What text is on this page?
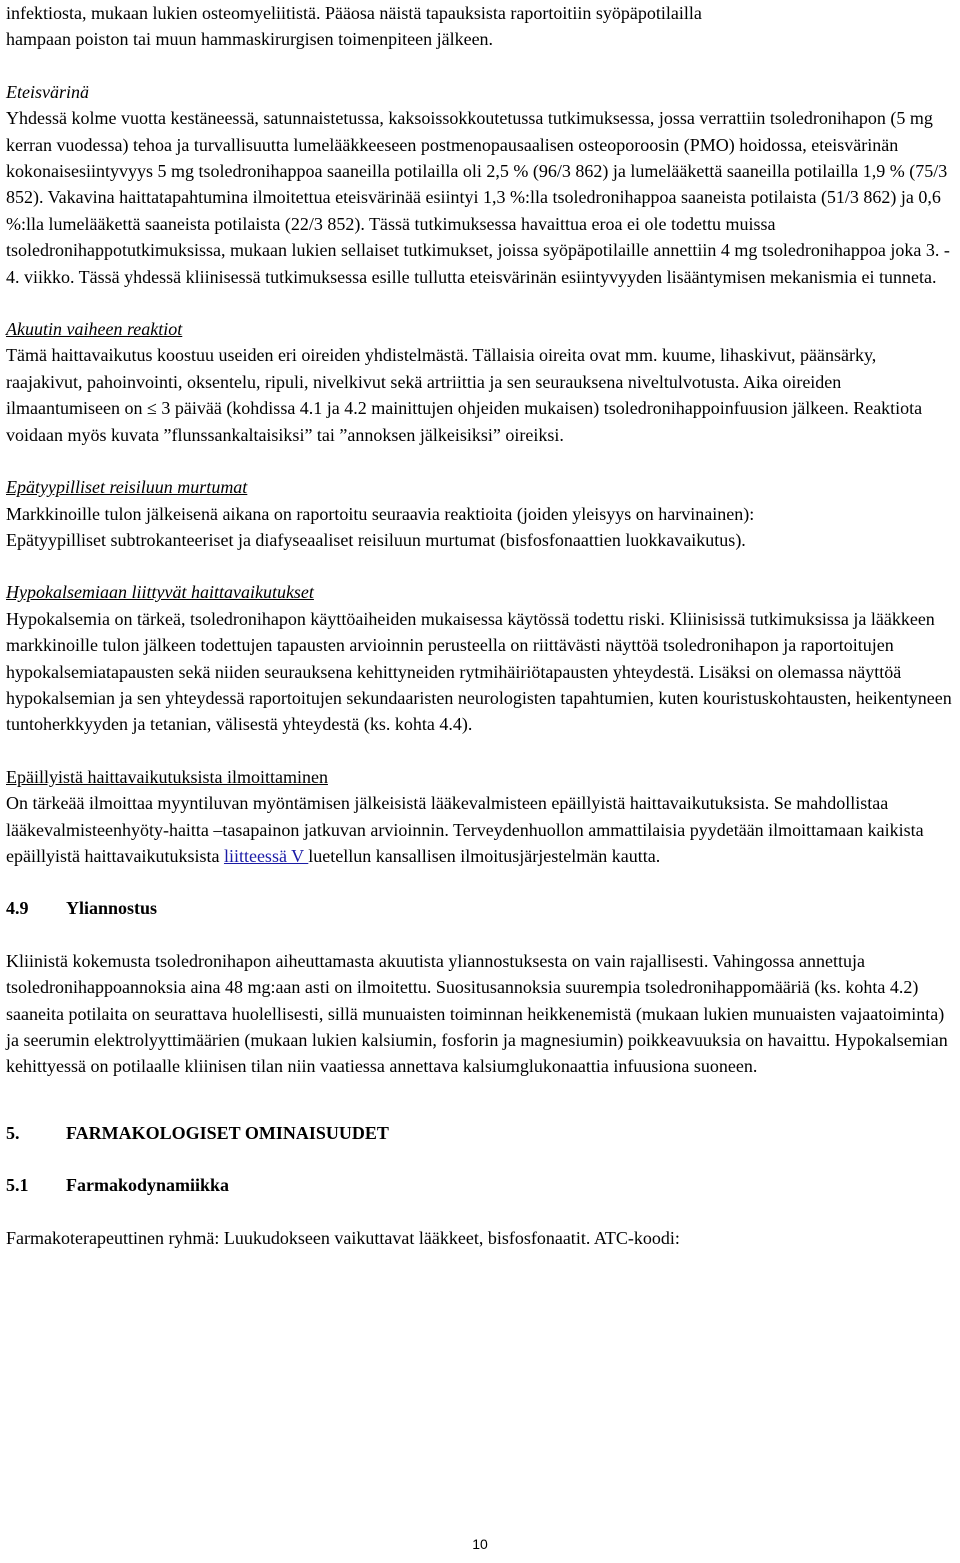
infektiosta, mukaan lukien osteomyeliitistä. Pääosa näistä tapauksista raportoitiin syöpäpotilailla

hampaan poiston tai muun hammaskirurgisen toimenpiteen jälkeen.

Eteisvärinä

Yhdessä kolme vuotta kestäneessä, satunnaistetussa, kaksoissokkoutetussa tutkimuksessa, jossa verrattiin tsoledronihapon (5 mg kerran vuodessa) tehoa ja turvallisuutta lumelääkkeeseen postmenopausaalisen osteoporoosin (PMO) hoidossa, eteisvärinän kokonaisesiintyvyys 5 mg tsoledronihappoa saaneilla potilailla oli 2,5 % (96/3 862) ja lumelääkettä saaneilla potilailla 1,9 % (75/3 852). Vakavina haittatapahtumina ilmoitettua eteisvärinää esiintyi 1,3 %:lla tsoledronihappoa saaneista potilaista (51/3 862) ja 0,6 %:lla lumelääkettä saaneista potilaista (22/3 852). Tässä tutkimuksessa havaittua eroa ei ole todettu muissa tsoledronihappotutkimuksissa, mukaan lukien sellaiset tutkimukset, joissa syöpäpotilaille annettiin 4 mg tsoledronihappoa joka 3. - 4. viikko. Tässä yhdessä kliinisessä tutkimuksessa esille tullutta eteisvärinän esiintyvyyden lisääntymisen mekanismia ei tunneta.

Akuutin vaiheen reaktiot

Tämä haittavaikutus koostuu useiden eri oireiden yhdistelmästä. Tällaisia oireita ovat mm. kuume, lihaskivut, päänsärky, raajakivut, pahoinvointi, oksentelu, ripuli, nivelkivut sekä artriittia ja sen seurauksena niveltulvotusta. Aika oireiden ilmaantumiseen on ≤ 3 päivää (kohdissa 4.1 ja 4.2 mainittujen ohjeiden mukaisen) tsoledronihappoinfuusion jälkeen. Reaktiota voidaan myös kuvata ”flunssankaltaisiksi” tai ”annoksen jälkeisiksi” oireiksi.

Epätyypilliset reisiluun murtumat

Markkinoille tulon jälkeisenä aikana on raportoitu seuraavia reaktioita (joiden yleisyys on harvinainen):

Epätyypilliset subtrokanteeriset ja diafyseaaliset reisiluun murtumat (bisfosfonaattien luokkavaikutus).

Hypokalsemiaan liittyvät haittavaikutukset

Hypokalsemia on tärkeä, tsoledronihapon käyttöaiheiden mukaisessa käytössä todettu riski. Kliinisissä tutkimuksissa ja lääkkeen markkinoille tulon jälkeen todettujen tapausten arvioinnin perusteella on riittävästi näyttöä tsoledronihapon ja raportoitujen hypokalsemiatapausten sekä niiden seurauksena kehittyneiden rytmihäiriötapausten yhteydestä. Lisäksi on olemassa näyttöä hypokalsemian ja sen yhteydessä raportoitujen sekundaaristen neurologisten tapahtumien, kuten kouristuskohtausten, heikentyneen tuntoherkkyyden ja tetanian, välisestä yhteydestä (ks. kohta 4.4).

Epäillyistä haittavaikutuksista ilmoittaminen

On tärkeää ilmoittaa myyntiluvan myöntämisen jälkeisistä lääkevalmisteen epäillyistä haittavaikutuksista. Se mahdollistaa lääkevalmisteenhyöty-haitta –tasapainon jatkuvan arvioinnin. Terveydenhuollon ammattilaisia pyydetään ilmoittamaan kaikista epäillyistä haittavaikutuksista liitteessä V luetellun kansallisen ilmoitusjärjestelmän kautta.

4.9 Yliannostus

Kliinistä kokemusta tsoledronihapon aiheuttamasta akuutista yliannostuksesta on vain rajallisesti. Vahingossa annettuja tsoledronihappoannoksia aina 48 mg:aan asti on ilmoitettu. Suositusannoksia suurempia tsoledronihappomääriä (ks. kohta 4.2) saaneita potilaita on seurattava huolellisesti, sillä munuaisten toiminnan heikkenemistä (mukaan lukien munuaisten vajaatoiminta) ja seerumin elektrolyyttimäärien (mukaan lukien kalsiumin, fosforin ja magnesiumin) poikkeavuuksia on havaittu. Hypokalsemian kehittyessä on potilaalle kliinisen tilan niin vaatiessa annettava kalsiumglukonaattia infuusiona suoneen.

5.	FARMAKOLOGISET OMINAISUUDET

5.1 Farmakodynamiikka

Farmakoterapeuttinen ryhmä: Luukudokseen vaikuttavat lääkkeet, bisfosfonaatit. ATC-koodi:

10
